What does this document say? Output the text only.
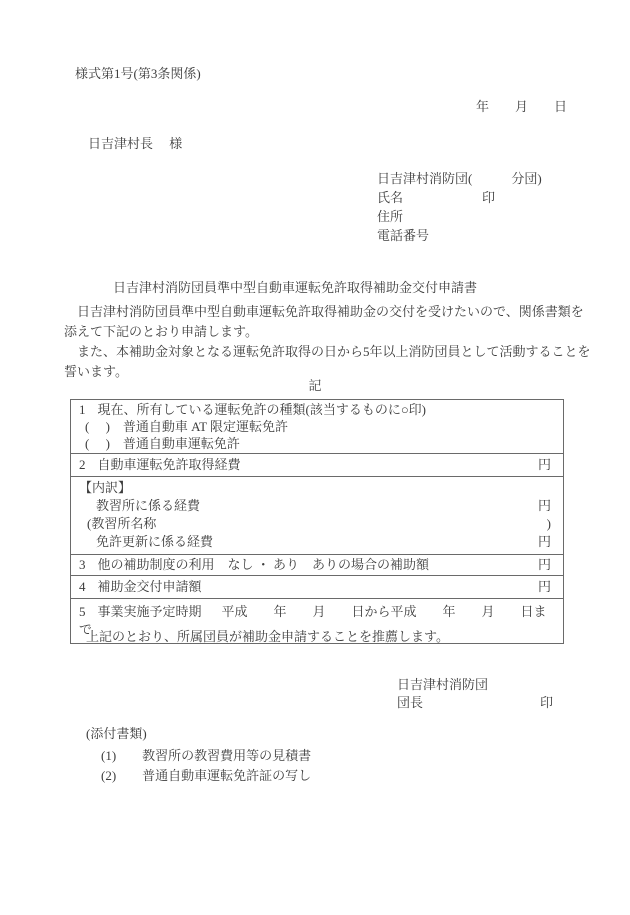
様式第1号(第3条関係)
年　　月　　日
日吉津村長　 様
日吉津村消防団(　　　分団)
氏名	印
住所
電話番号
日吉津村消防団員準中型自動車運転免許取得補助金交付申請書
　日吉津村消防団員準中型自動車運転免許取得補助金の交付を受けたいので、関係書類を
添えて下記のとおり申請します。
　また、本補助金対象となる運転免許取得の日から5年以上消防団員として活動することを
誓います。
記
1 現在、所有している運転免許の種類(該当するものに○印)
(　 )　普通自動車 AT 限定運転免許
(　 )　普通自動車運転免許
2 自動車運転免許取得経費	円
【内訳】
教習所に係る経費	円
(教習所名称	)
免許更新に係る経費	円
3 他の補助制度の利用　なし ・ あり　ありの場合の補助額	円
4 補助金交付申請額	円
5 事業実施予定時期 平成　　年　　月　　日から平成　　年　　月　　日まで
上記のとおり、所属団員が補助金申請することを推薦します。
日吉津村消防団
団長	印
(添付書類)
(1) 教習所の教習費用等の見積書
(2) 普通自動車運転免許証の写し
